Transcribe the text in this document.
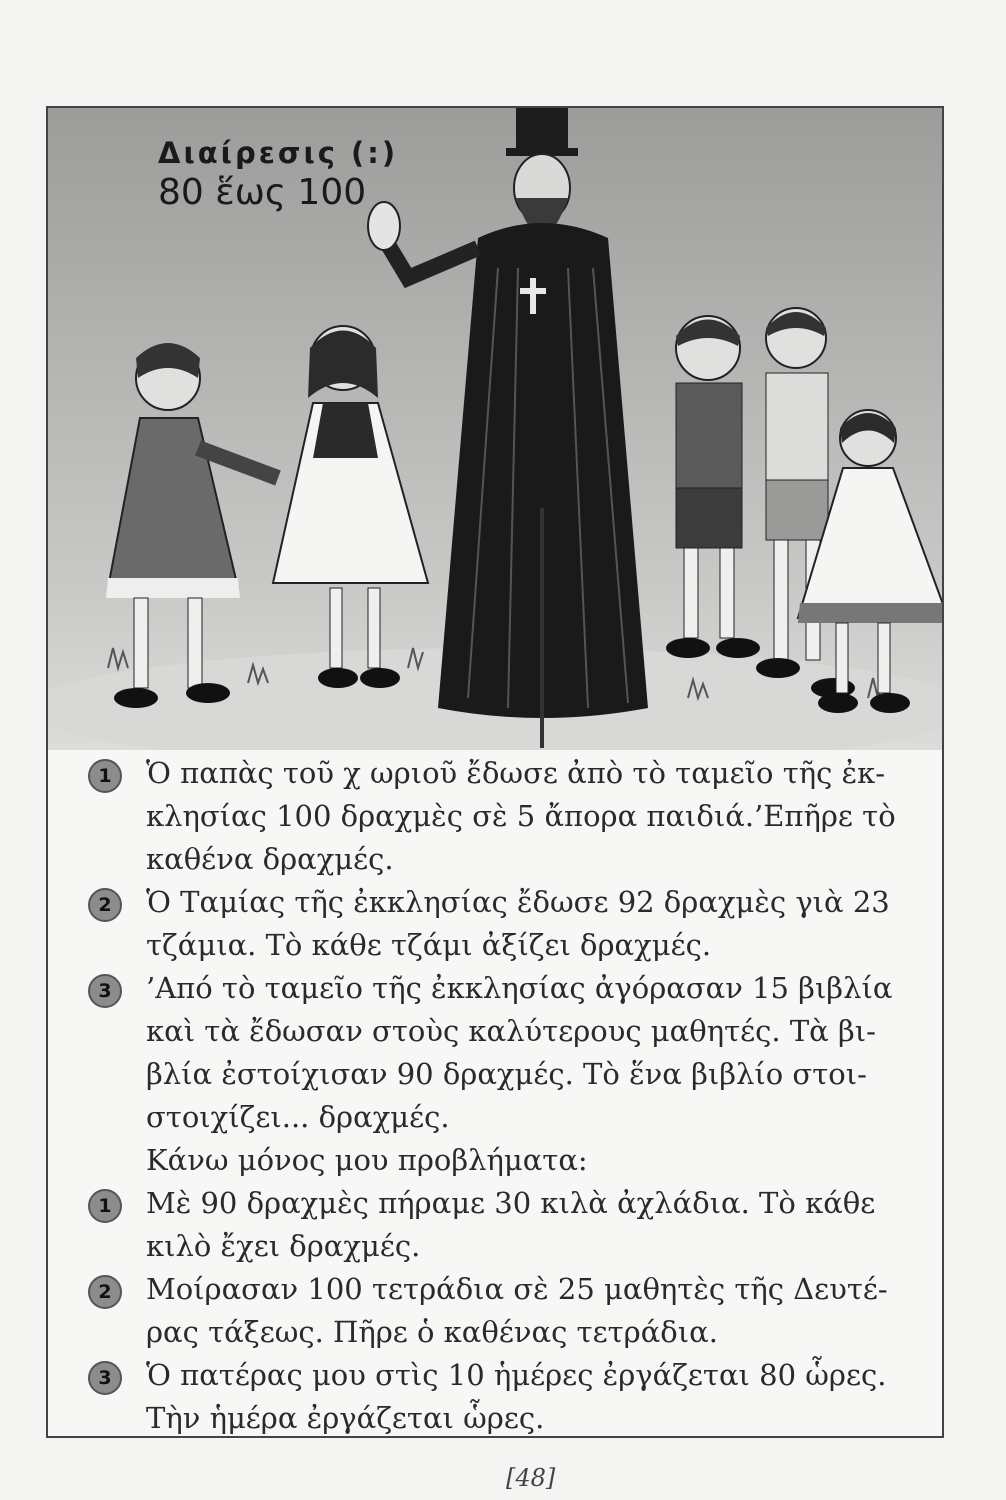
Διαίρεσις (:)
80 ἕως 100
1	Ὁ παπὰς τοῦ χ ωριοῦ ἔδωσε ἀπὸ τὸ ταμεῖο τῆς ἐκ-
κλησίας 100 δραχμὲς σὲ 5 ἄπορα παιδιά.’Επῆρε τὸ
καθένα δραχμές.
2	Ὁ Ταμίας τῆς ἐκκλησίας ἔδωσε 92 δραχμὲς γιὰ 23
τζάμια. Τὸ κάθε τζάμι ἀξίζει δραχμές.
3	’Από τὸ ταμεῖο τῆς ἐκκλησίας ἀγόρασαν 15 βιβλία
καὶ τὰ ἔδωσαν στοὺς καλύτερους μαθητές. Τὰ βι-
βλία ἐστοίχισαν 90 δραχμές. Τὸ ἕνα βιβλίο στοι-
στοιχίζει... δραχμές.
Κάνω μόνος μου προβλήματα:
1	Μὲ 90 δραχμὲς πήραμε 30 κιλὰ ἀχλάδια. Τὸ κάθε
κιλὸ ἔχει δραχμές.
2	Μοίρασαν 100 τετράδια σὲ 25 μαθητὲς τῆς Δευτέ-
ρας τάξεως. Πῆρε ὁ καθένας τετράδια.
3	Ὁ πατέρας μου στὶς 10 ἡμέρες ἐργάζεται 80 ὧρες.
Τὴν ἡμέρα ἐργάζεται ὧρες.
[48]
